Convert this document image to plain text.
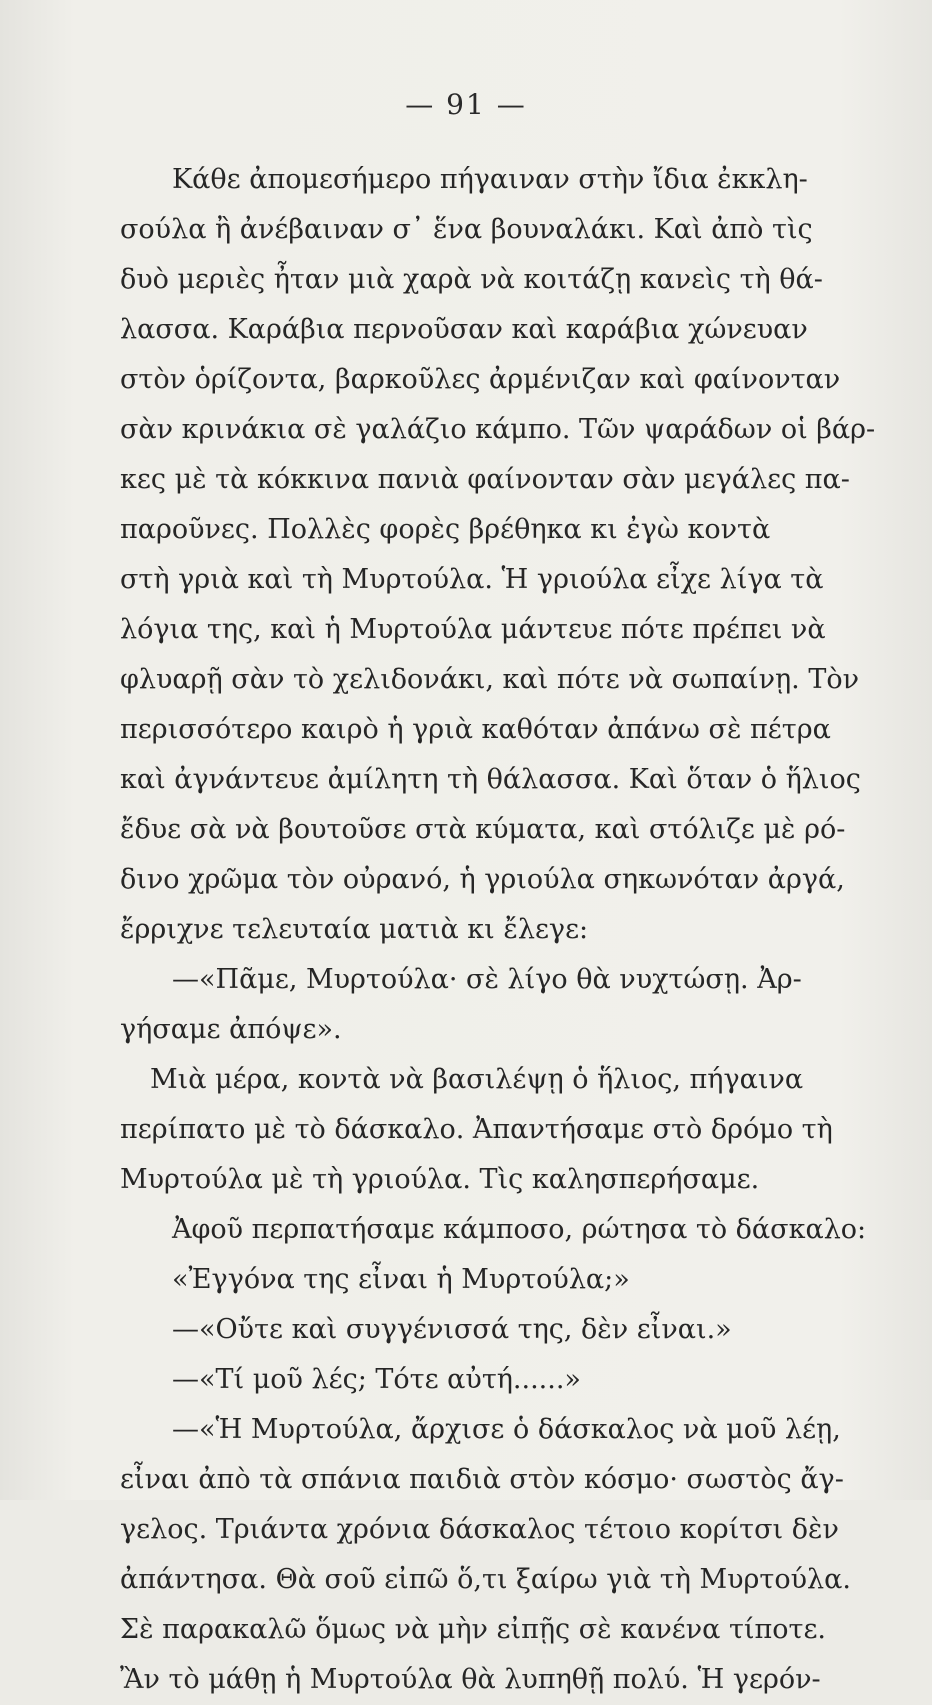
— 91 —
Κάθε ἀπομεσήμερο πήγαιναν στὴν ἴδια ἐκκλη-
σούλα ἢ ἀνέβαιναν σ᾿ ἕνα βουναλάκι. Καὶ ἀπὸ τὶς
δυὸ μεριὲς ἦταν μιὰ χαρὰ νὰ κοιτάζῃ κανεὶς τὴ θά-
λασσα. Καράβια περνοῦσαν καὶ καράβια χώνευαν
στὸν ὁρίζοντα, βαρκοῦλες ἀρμένιζαν καὶ φαίνονταν
σὰν κρινάκια σὲ γαλάζιο κάμπο. Τῶν ψαράδων οἱ βάρ-
κες μὲ τὰ κόκκινα πανιὰ φαίνονταν σὰν μεγάλες πα-
παροῦνες. Πολλὲς φορὲς βρέθηκα κι ἐγὼ κοντὰ
στὴ γριὰ καὶ τὴ Μυρτούλα. Ἡ γριούλα εἶχε λίγα τὰ
λόγια της, καὶ ἡ Μυρτούλα μάντευε πότε πρέπει νὰ
φλυαρῇ σὰν τὸ χελιδονάκι, καὶ πότε νὰ σωπαίνῃ. Τὸν
περισσότερο καιρὸ ἡ γριὰ καθόταν ἀπάνω σὲ πέτρα
καὶ ἀγνάντευε ἀμίλητη τὴ θάλασσα. Καὶ ὅταν ὁ ἥλιος
ἔδυε σὰ νὰ βουτοῦσε στὰ κύματα, καὶ στόλιζε μὲ ρό-
δινο χρῶμα τὸν οὐρανό, ἡ γριούλα σηκωνόταν ἀργά,
ἔρριχνε τελευταία ματιὰ κι ἔλεγε:
—«Πᾶμε, Μυρτούλα· σὲ λίγο θὰ νυχτώσῃ. Ἀρ-
γήσαμε ἀπόψε».
Μιὰ μέρα, κοντὰ νὰ βασιλέψῃ ὁ ἥλιος, πήγαινα
περίπατο μὲ τὸ δάσκαλο. Ἀπαντήσαμε στὸ δρόμο τὴ
Μυρτούλα μὲ τὴ γριούλα. Τὶς καλησπερήσαμε.
Ἀφοῦ περπατήσαμε κάμποσο, ρώτησα τὸ δάσκαλο:
«Ἐγγόνα της εἶναι ἡ Μυρτούλα;»
—«Οὔτε καὶ συγγένισσά της, δὲν εἶναι.»
—«Τί μοῦ λές; Τότε αὐτή......»
—«Ἡ Μυρτούλα, ἄρχισε ὁ δάσκαλος νὰ μοῦ λέῃ,
εἶναι ἀπὸ τὰ σπάνια παιδιὰ στὸν κόσμο· σωστὸς ἄγ-
γελος. Τριάντα χρόνια δάσκαλος τέτοιο κορίτσι δὲν
ἀπάντησα. Θὰ σοῦ εἰπῶ ὅ,τι ξαίρω γιὰ τὴ Μυρτούλα.
Σὲ παρακαλῶ ὅμως νὰ μὴν εἰπῇς σὲ κανένα τίποτε.
Ἂν τὸ μάθῃ ἡ Μυρτούλα θὰ λυπηθῇ πολύ. Ἡ γερόν-
